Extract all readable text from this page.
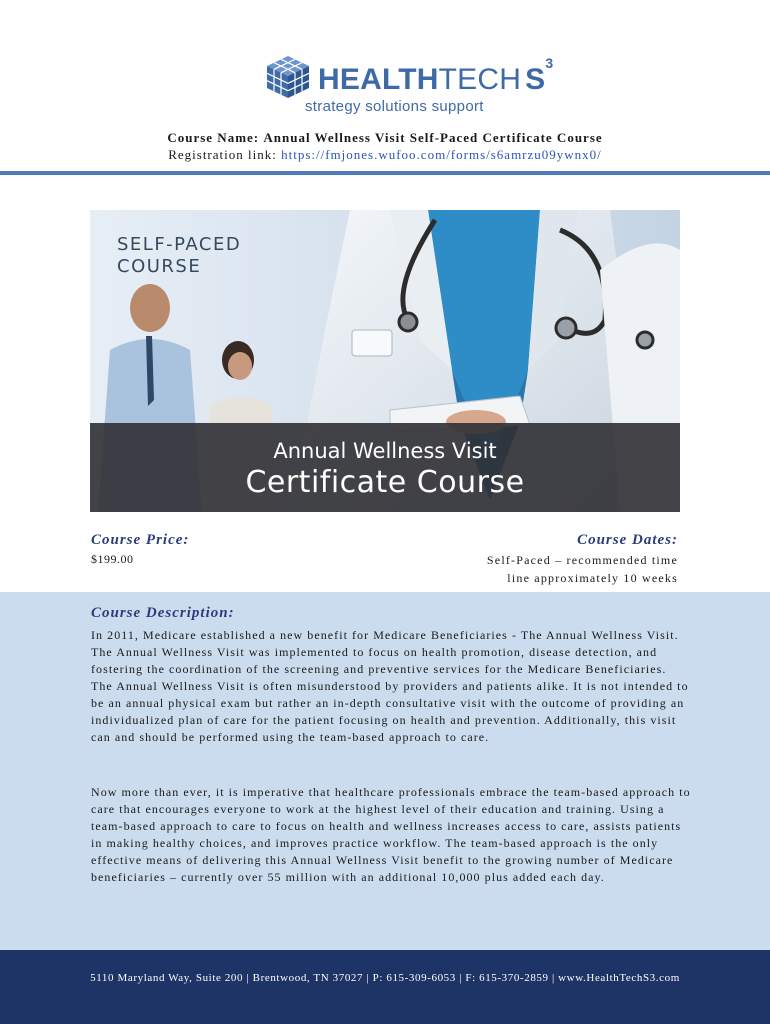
HEALTHTECH $S^3$
strategy solutions support
Course Name: Annual Wellness Visit Self-Paced Certificate Course
Registration link: https://fmjones.wufoo.com/forms/s6amrzu09ywnx0/
SELF-PACED
COURSE
Annual Wellness Visit
Certificate Course
Course Price:
$199.00
Course Dates:
Self-Paced – recommended time
line approximately 10 weeks
Course Description:
In 2011, Medicare established a new benefit for Medicare Beneficiaries - The Annual Wellness Visit. The Annual Wellness Visit was implemented to focus on health promotion, disease detection, and fostering the coordination of the screening and preventive services for the Medicare Beneficiaries. The Annual Wellness Visit is often misunderstood by providers and patients alike. It is not intended to be an annual physical exam but rather an in-depth consultative visit with the outcome of providing an individualized plan of care for the patient focusing on health and prevention. Additionally, this visit can and should be performed using the team-based approach to care.
Now more than ever, it is imperative that healthcare professionals embrace the team-based approach to care that encourages everyone to work at the highest level of their education and training. Using a team-based approach to care to focus on health and wellness increases access to care, assists patients in making healthy choices, and improves practice workflow. The team-based approach is the only effective means of delivering this Annual Wellness Visit benefit to the growing number of Medicare beneficiaries – currently over 55 million with an additional 10,000 plus added each day.
5110 Maryland Way, Suite 200 | Brentwood, TN 37027 | P: 615-309-6053 | F: 615-370-2859 | www.HealthTechS3.com
